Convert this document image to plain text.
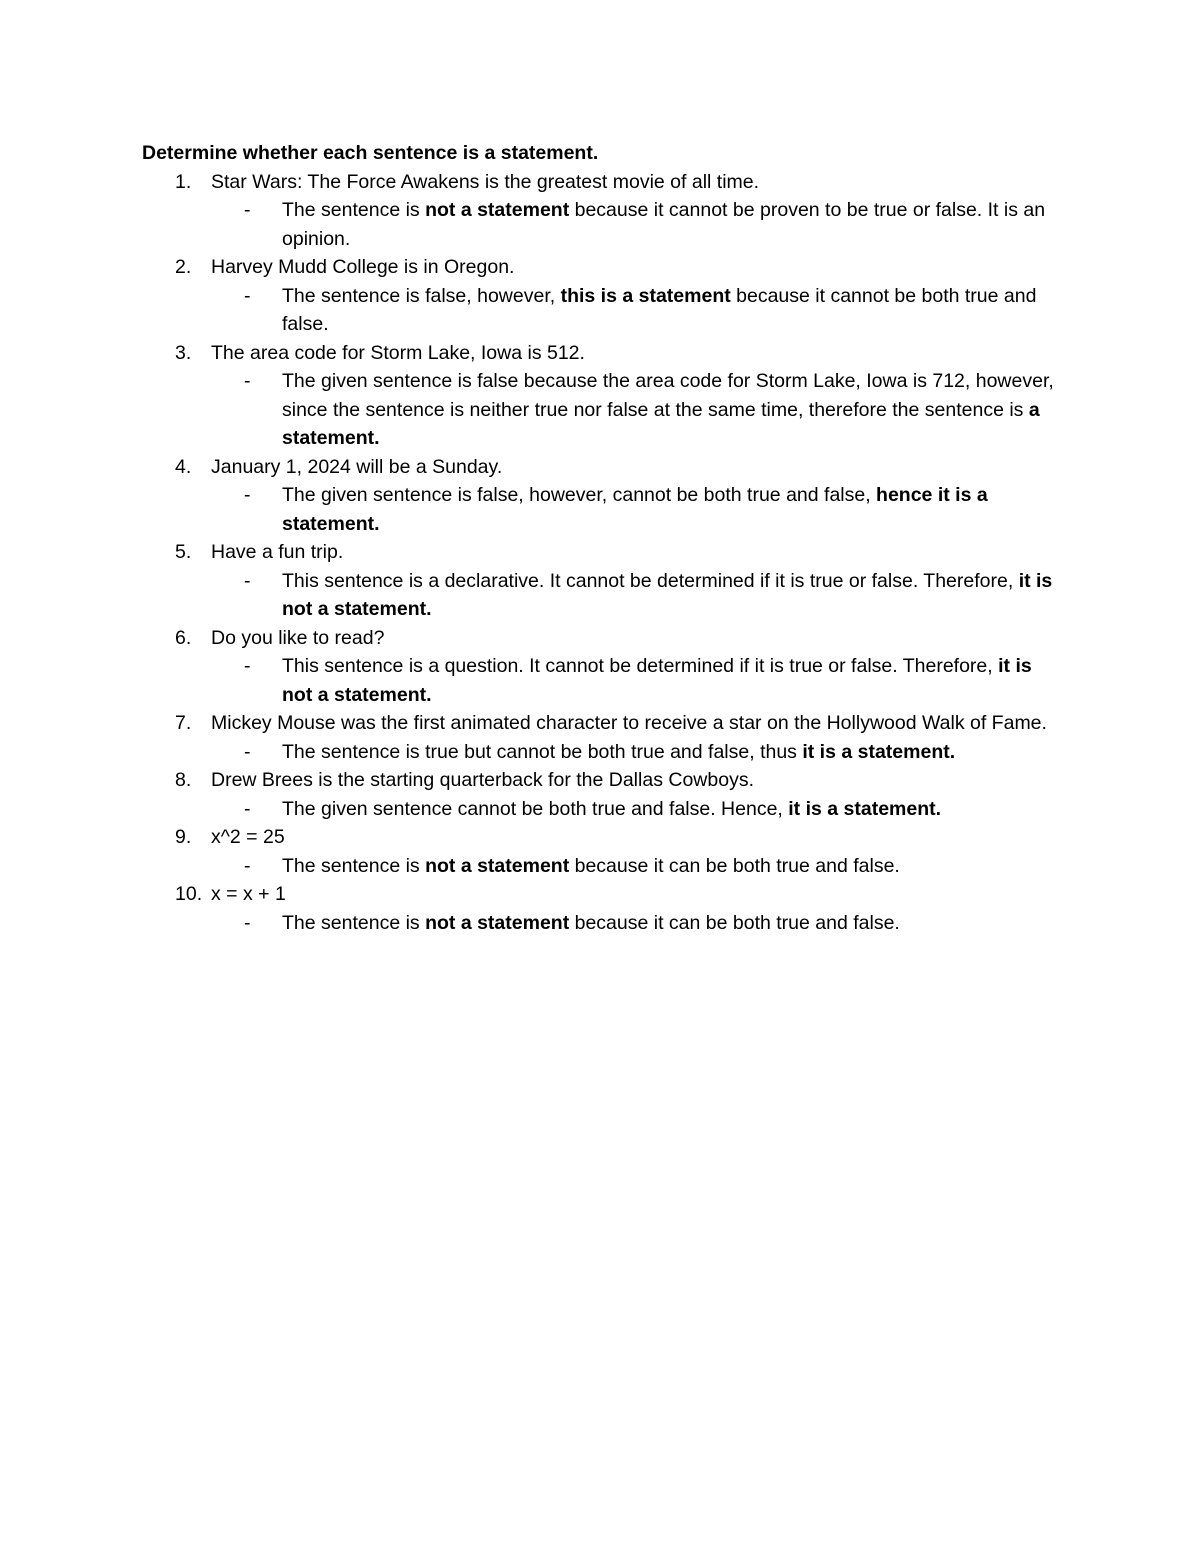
Determine whether each sentence is a statement.
1. Star Wars: The Force Awakens is the greatest movie of all time.
- The sentence is not a statement because it cannot be proven to be true or false. It is an opinion.
2. Harvey Mudd College is in Oregon.
- The sentence is false, however, this is a statement because it cannot be both true and false.
3. The area code for Storm Lake, Iowa is 512.
- The given sentence is false because the area code for Storm Lake, Iowa is 712, however, since the sentence is neither true nor false at the same time, therefore the sentence is a statement.
4. January 1, 2024 will be a Sunday.
- The given sentence is false, however, cannot be both true and false, hence it is a statement.
5. Have a fun trip.
- This sentence is a declarative. It cannot be determined if it is true or false. Therefore, it is not a statement.
6. Do you like to read?
- This sentence is a question. It cannot be determined if it is true or false. Therefore, it is not a statement.
7. Mickey Mouse was the first animated character to receive a star on the Hollywood Walk of Fame.
- The sentence is true but cannot be both true and false, thus it is a statement.
8. Drew Brees is the starting quarterback for the Dallas Cowboys.
- The given sentence cannot be both true and false. Hence, it is a statement.
9. x^2 = 25
- The sentence is not a statement because it can be both true and false.
10. x = x + 1
- The sentence is not a statement because it can be both true and false.
